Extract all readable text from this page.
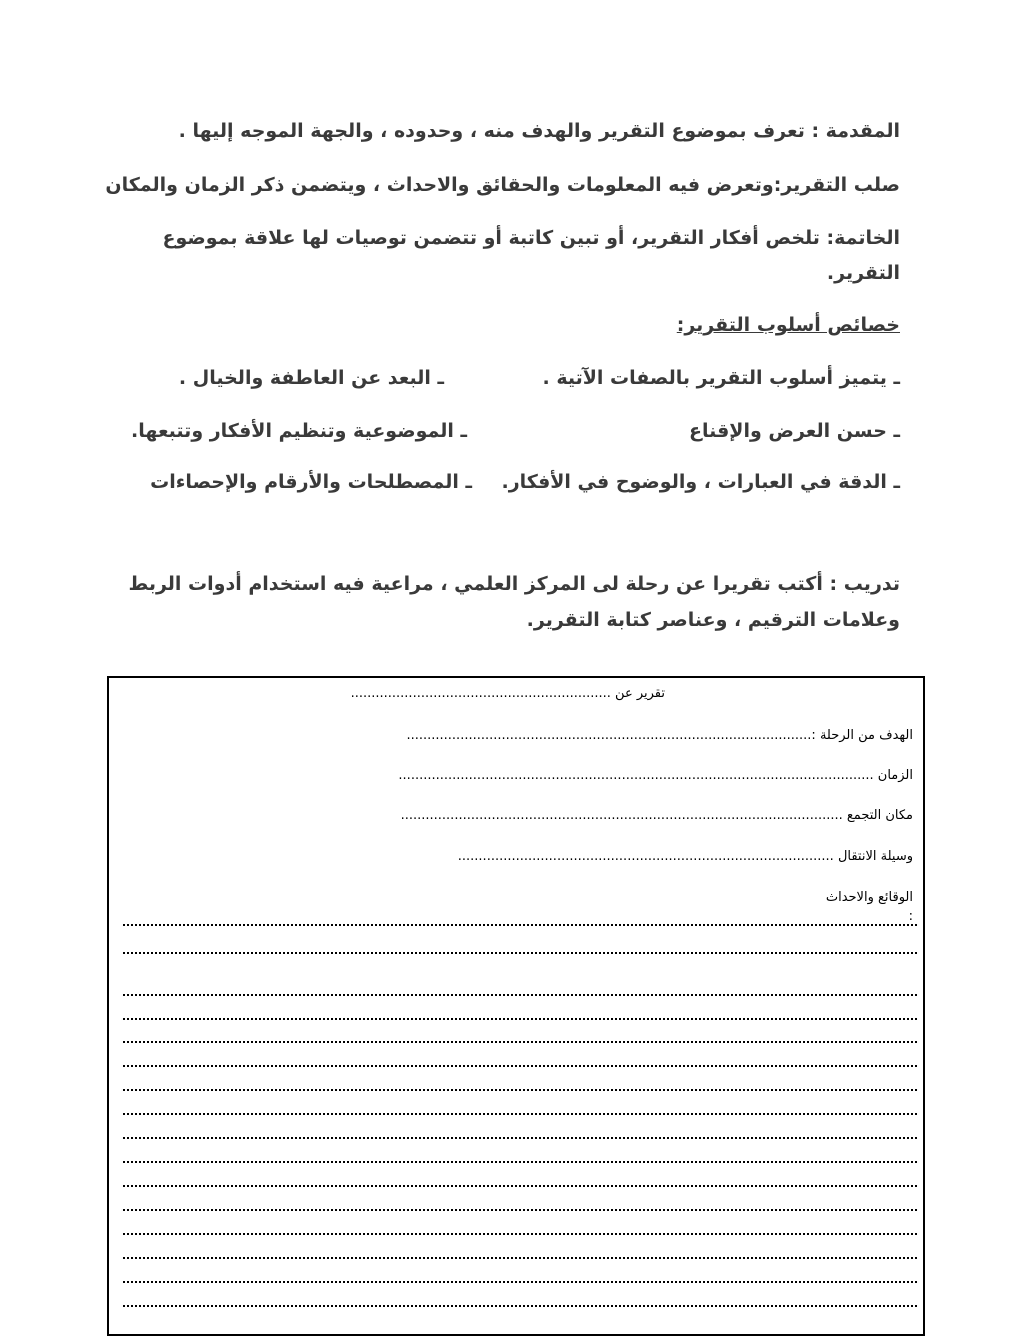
المقدمة : تعرف بموضوع التقرير والهدف منه ، وحدوده ، والجهة الموجه إليها .
صلب التقرير:وتعرض فيه المعلومات والحقائق والاحداث ، ويتضمن ذكر الزمان والمكان
الخاتمة: تلخص أفكار التقرير، أو تبين كاتبة أو تتضمن توصيات لها علاقة بموضوع
التقرير.
خصائص أسلوب التقرير:
ـ يتميز أسلوب التقرير بالصفات الآتية .
ـ البعد عن العاطفة والخيال .
ـ حسن العرض والإقناع
ـ الموضوعية وتنظيم الأفكار وتتبعها.
ـ الدقة في العبارات ، والوضوح في الأفكار.
ـ المصطلحات والأرقام والإحصاءات
تدريب : أكتب تقريرا عن رحلة لى المركز العلمي ، مراعية فيه استخدام أدوات الربط
وعلامات الترقيم ، وعناصر كتابة التقرير.
تقرير عن ...............................................................
الهدف من الرحلة :..................................................................................................
الزمان ...................................................................................................................
مكان التجمع ...........................................................................................................
وسيلة الانتقال ...........................................................................................
الوقائع والاحداث
:
